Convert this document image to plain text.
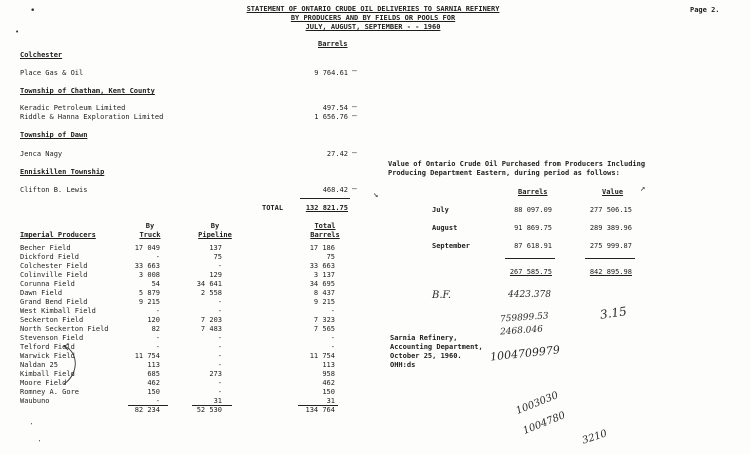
STATEMENT OF ONTARIO CRUDE OIL DELIVERIES TO SARNIA REFINERY
BY PRODUCERS AND BY FIELDS OR POOLS FOR
JULY, AUGUST, SEPTEMBER - - 1960
Page 2.
Barrels
Colchester
Place Gas & Oil	9 764.61
Township of Chatham, Kent County
Keradic Petroleum Limited	497.54
Riddle & Hanna Exploration Limited	1 656.76
Township of Dawn
Jenca Nagy	27.42
Enniskillen Township
Clifton B. Lewis	468.42
—
—
—
—
—
TOTAL	132 821.75
By
Truck
By
Pipeline
Total
Barrels
Imperial Producers
Becher Field	17 049	137	17 186
Dickford Field	-	75	75
Colchester Field	33 663	-	33 663
Colinville Field	3 008	129	3 137
Corunna Field	54	34 641	34 695
Dawn Field	5 879	2 558	8 437
Grand Bend Field	9 215	-	9 215
West Kimball Field	-	-	-
Seckerton Field	120	7 203	7 323
North Seckerton Field	82	7 483	7 565
Stevenson Field	-	-	-
Telford Field	-	-	-
Warwick Field	11 754	-	11 754
Naldan 25	113	-	113
Kimball Field	685	273	958
Moore Field	462	-	462
Romney A. Gore	150	-	150
Waubuno	-	31	31
82 234	52 530	134 764
Value of Ontario Crude Oil Purchased from Producers Including
Producing Department Eastern, during period as follows:
Barrels	Value
July	88 097.09	277 506.15
August	91 869.75	289 389.96
September	87 618.91	275 999.87
267 585.75	842 895.98
Sarnia Refinery,
Accounting Department,
October 25, 1960.
OHH:ds
B.F.	4423.378
759899.53
2468.046
1004709979
3.15
1003030
1004780
3210
•
•
↘
↗
‧
‧
